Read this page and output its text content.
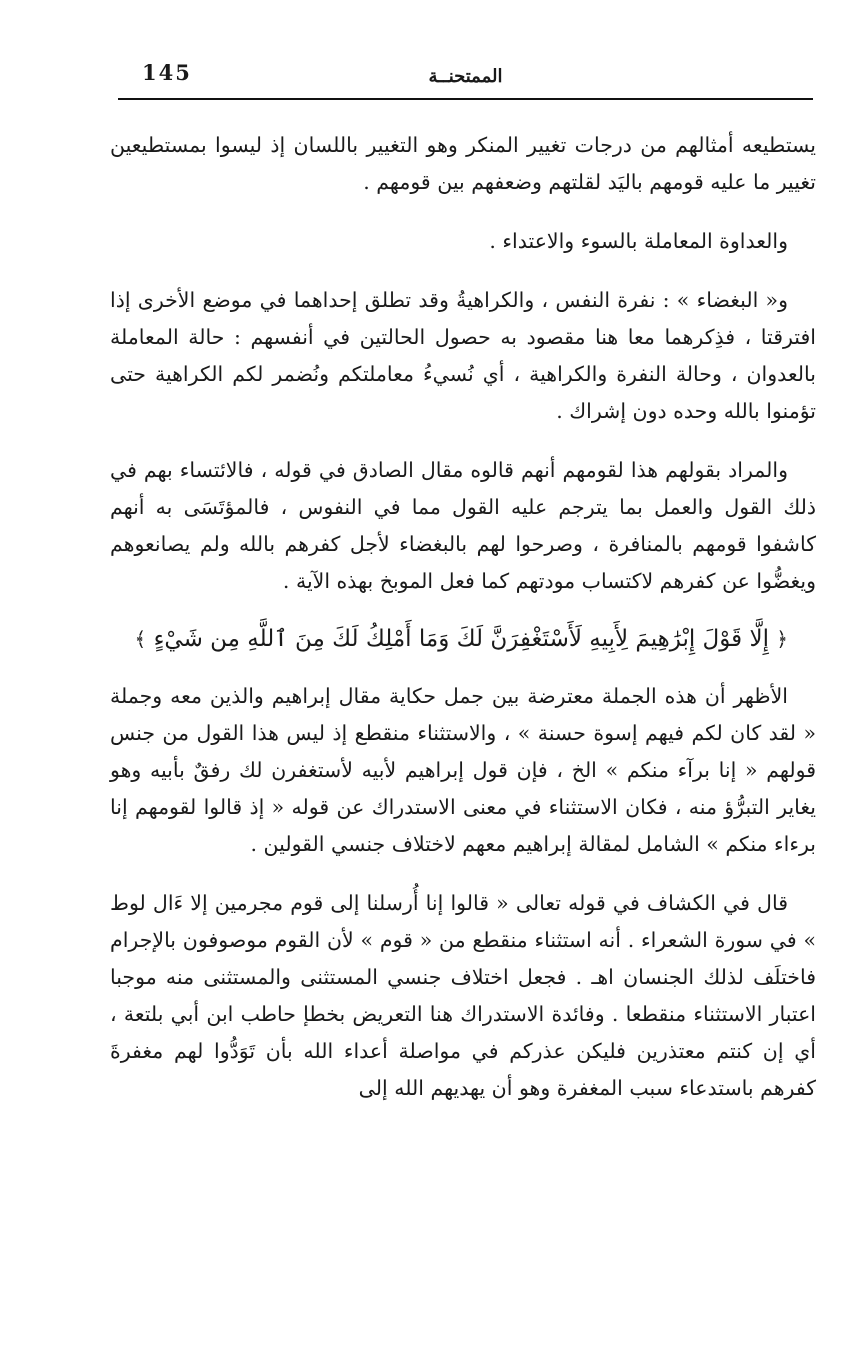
145	الممتحنــة

يستطيعه أمثالهم من درجات تغيير المنكر وهو التغيير باللسان إذ ليسوا بمستطيعين تغيير ما عليه قومهم باليَد لقلتهم وضعفهم بين قومهم .

والعداوة المعاملة بالسوء والاعتداء .

و« البغضاء » : نفرة النفس ، والكراهيةُ وقد تطلق إحداهما في موضع الأخرى إذا افترقتا ، فذِكرهما معا هنا مقصود به حصول الحالتين في أنفسهم : حالة المعاملة بالعدوان ، وحالة النفرة والكراهية ، أي نُسيءُ معاملتكم ونُضمر لكم الكراهية حتى تؤمنوا بالله وحده دون إشراك .

والمراد بقولهم هذا لقومهم أنهم قالوه مقال الصادق في قوله ، فالائتساء بهم في ذلك القول والعمل بما يترجم عليه القول مما في النفوس ، فالمؤتَسَى به أنهم كاشفوا قومهم بالمنافرة ، وصرحوا لهم بالبغضاء لأجل كفرهم بالله ولم يصانعوهم ويغضُّوا عن كفرهم لاكتساب مودتهم كما فعل الموبخ بهذه الآية .

﴿ إِلَّا قَوْلَ إِبْرَٰهِيمَ لِأَبِيهِ لَأَسْتَغْفِرَنَّ لَكَ وَمَا أَمْلِكُ لَكَ مِنَ ٱللَّهِ مِن شَيْءٍ ﴾

الأظهر أن هذه الجملة معترضة بين جمل حكاية مقال إبراهيم والذين معه وجملة « لقد كان لكم فيهم إسوة حسنة » ، والاستثناء منقطع إذ ليس هذا القول من جنس قولهم « إنا برآء منكم » الخ ، فإن قول إبراهيم لأبيه لأستغفرن لك رفقٌ بأبيه وهو يغاير التبرُّؤ منه ، فكان الاستثناء في معنى الاستدراك عن قوله « إذ قالوا لقومهم إنا برءاء منكم » الشامل لمقالة إبراهيم معهم لاختلاف جنسي القولين .

قال في الكشاف في قوله تعالى « قالوا إنا أُرسلنا إلى قوم مجرمين إلا ءَال لوط » في سورة الشعراء . أنه استثناء منقطع من « قوم » لأن القوم موصوفون بالإجرام فاختلَف لذلك الجنسان اهـ . فجعل اختلاف جنسي المستثنى والمستثنى منه موجبا اعتبار الاستثناء منقطعا . وفائدة الاستدراك هنا التعريض بخطإ حاطب ابن أبي بلتعة ، أي إن كنتم معتذرين فليكن عذركم في مواصلة أعداء الله بأن تَوَدُّوا لهم مغفرةَ كفرهم باستدعاء سبب المغفرة وهو أن يهديهم الله إلى
